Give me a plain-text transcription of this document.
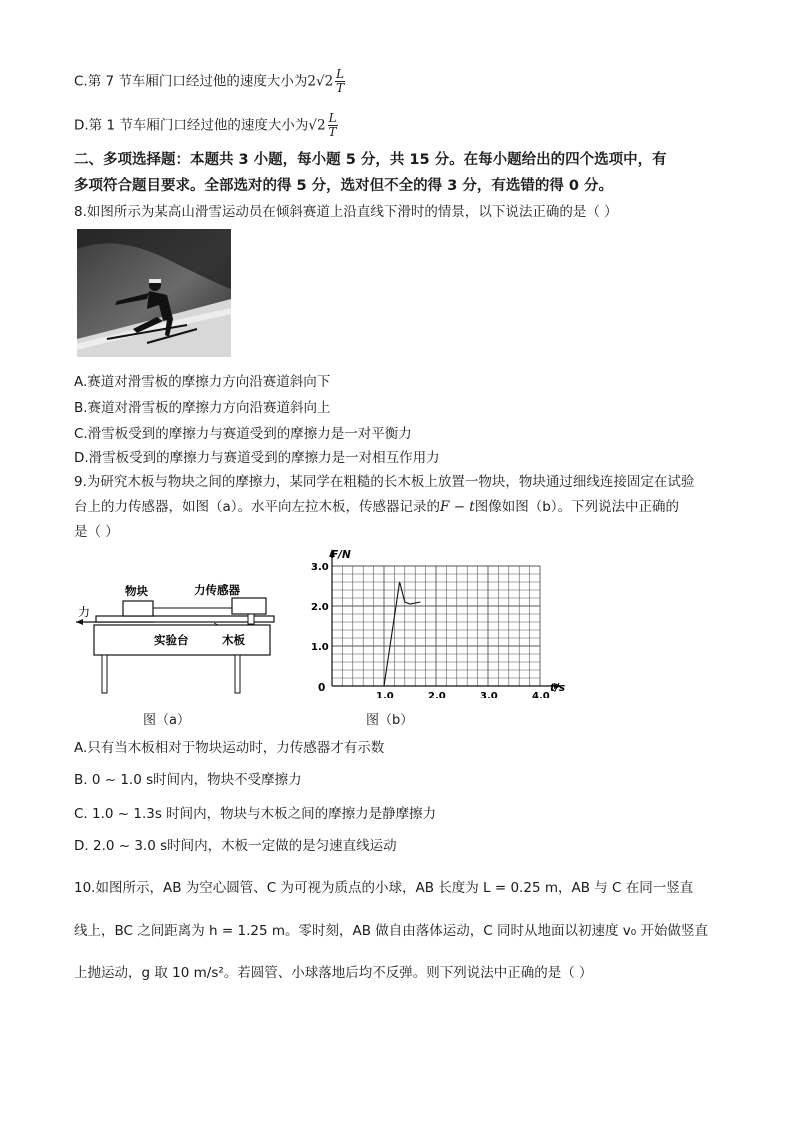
C.第 7 节车厢门口经过他的速度大小为$2√2 \frac{L}{T}$
D.第 1 节车厢门口经过他的速度大小为$√2 \frac{L}{T}$
二、多项选择题：本题共 3 小题，每小题 5 分，共 15 分。在每小题给出的四个选项中，有
多项符合题目要求。全部选对的得 5 分，选对但不全的得 3 分，有选错的得 0 分。
8.如图所示为某高山滑雪运动员在倾斜赛道上沿直线下滑时的情景，以下说法正确的是（ ）
A.赛道对滑雪板的摩擦力方向沿赛道斜向下
B.赛道对滑雪板的摩擦力方向沿赛道斜向上
C.滑雪板受到的摩擦力与赛道受到的摩擦力是一对平衡力
D.滑雪板受到的摩擦力与赛道受到的摩擦力是一对相互作用力
9.为研究木板与物块之间的摩擦力，某同学在粗糙的长木板上放置一物块，物块通过细线连接固定在试验
台上的力传感器，如图（a）。水平向左拉木板，传感器记录的F − t图像如图（b）。下列说法中正确的
是（ ）
力
物块	力传感器
实验台	木板
图（a）
1.0
2.0
3.0
1.0	2.0	3.0	4.0
F/N
t/s
0
图（b）
A.只有当木板相对于物块运动时，力传感器才有示数
B. 0 ~ 1.0 s时间内，物块不受摩擦力
C. 1.0 ~ 1.3s 时间内，物块与木板之间的摩擦力是静摩擦力
D. 2.0 ~ 3.0 s时间内，木板一定做的是匀速直线运动
10.如图所示，AB 为空心圆管、C 为可视为质点的小球，AB 长度为 L = 0.25 m，AB 与 C 在同一竖直
线上，BC 之间距离为 h = 1.25 m。零时刻，AB 做自由落体运动，C 同时从地面以初速度 v₀ 开始做竖直
上抛运动，g 取 10 m/s²。若圆管、小球落地后均不反弹。则下列说法中正确的是（ ）
